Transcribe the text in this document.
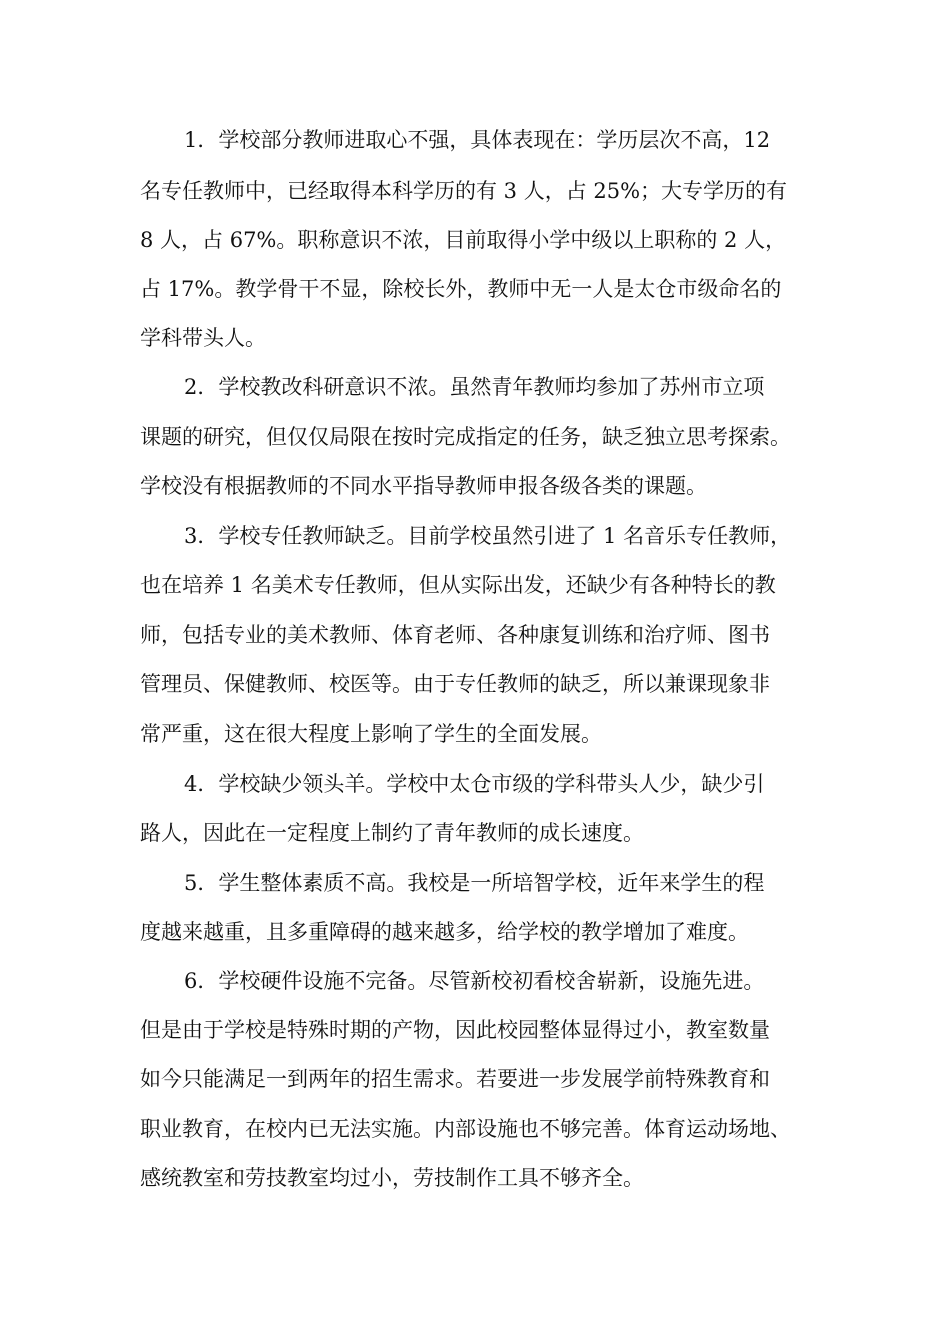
1．学校部分教师进取心不强，具体表现在：学历层次不高，12
名专任教师中，已经取得本科学历的有 3 人，占 25%；大专学历的有
8 人，占 67%。职称意识不浓，目前取得小学中级以上职称的 2 人，
占 17%。教学骨干不显，除校长外，教师中无一人是太仓市级命名的
学科带头人。
2．学校教改科研意识不浓。虽然青年教师均参加了苏州市立项
课题的研究，但仅仅局限在按时完成指定的任务，缺乏独立思考探索。
学校没有根据教师的不同水平指导教师申报各级各类的课题。
3．学校专任教师缺乏。目前学校虽然引进了 1 名音乐专任教师，
也在培养 1 名美术专任教师，但从实际出发，还缺少有各种特长的教
师，包括专业的美术教师、体育老师、各种康复训练和治疗师、图书
管理员、保健教师、校医等。由于专任教师的缺乏，所以兼课现象非
常严重，这在很大程度上影响了学生的全面发展。
4．学校缺少领头羊。学校中太仓市级的学科带头人少，缺少引
路人，因此在一定程度上制约了青年教师的成长速度。
5．学生整体素质不高。我校是一所培智学校，近年来学生的程
度越来越重，且多重障碍的越来越多，给学校的教学增加了难度。
6．学校硬件设施不完备。尽管新校初看校舍崭新，设施先进。
但是由于学校是特殊时期的产物，因此校园整体显得过小，教室数量
如今只能满足一到两年的招生需求。若要进一步发展学前特殊教育和
职业教育，在校内已无法实施。内部设施也不够完善。体育运动场地、
感统教室和劳技教室均过小，劳技制作工具不够齐全。
